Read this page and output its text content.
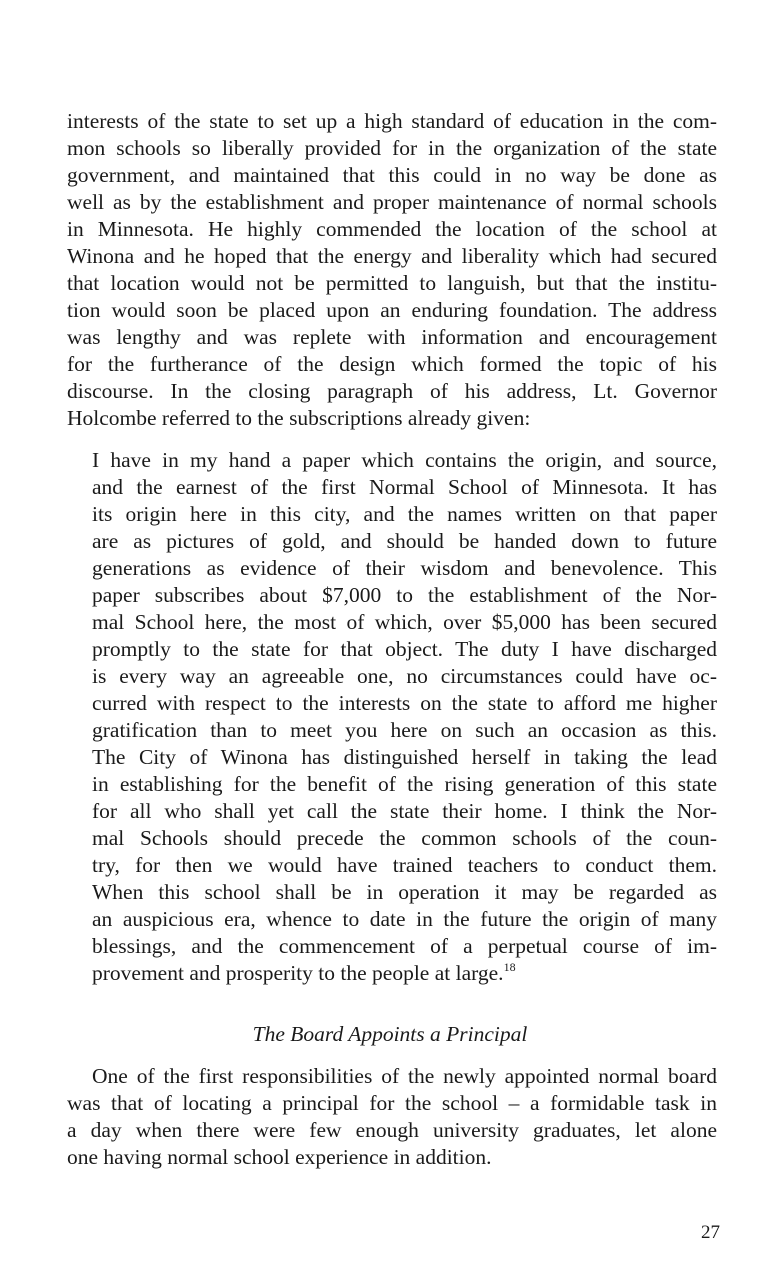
interests of the state to set up a high standard of education in the com-
mon schools so liberally provided for in the organization of the state
government, and maintained that this could in no way be done as
well as by the establishment and proper maintenance of normal schools
in Minnesota. He highly commended the location of the school at
Winona and he hoped that the energy and liberality which had secured
that location would not be permitted to languish, but that the institu-
tion would soon be placed upon an enduring foundation. The address
was lengthy and was replete with information and encouragement
for the furtherance of the design which formed the topic of his
discourse. In the closing paragraph of his address, Lt. Governor
Holcombe referred to the subscriptions already given:
I have in my hand a paper which contains the origin, and source,
and the earnest of the first Normal School of Minnesota. It has
its origin here in this city, and the names written on that paper
are as pictures of gold, and should be handed down to future
generations as evidence of their wisdom and benevolence. This
paper subscribes about $7,000 to the establishment of the Nor-
mal School here, the most of which, over $5,000 has been secured
promptly to the state for that object. The duty I have discharged
is every way an agreeable one, no circumstances could have oc-
curred with respect to the interests on the state to afford me higher
gratification than to meet you here on such an occasion as this.
The City of Winona has distinguished herself in taking the lead
in establishing for the benefit of the rising generation of this state
for all who shall yet call the state their home. I think the Nor-
mal Schools should precede the common schools of the coun-
try, for then we would have trained teachers to conduct them.
When this school shall be in operation it may be regarded as
an auspicious era, whence to date in the future the origin of many
blessings, and the commencement of a perpetual course of im-
provement and prosperity to the people at large.$^{18}$
The Board Appoints a Principal
One of the first responsibilities of the newly appointed normal board
was that of locating a principal for the school – a formidable task in
a day when there were few enough university graduates, let alone
one having normal school experience in addition.
27
